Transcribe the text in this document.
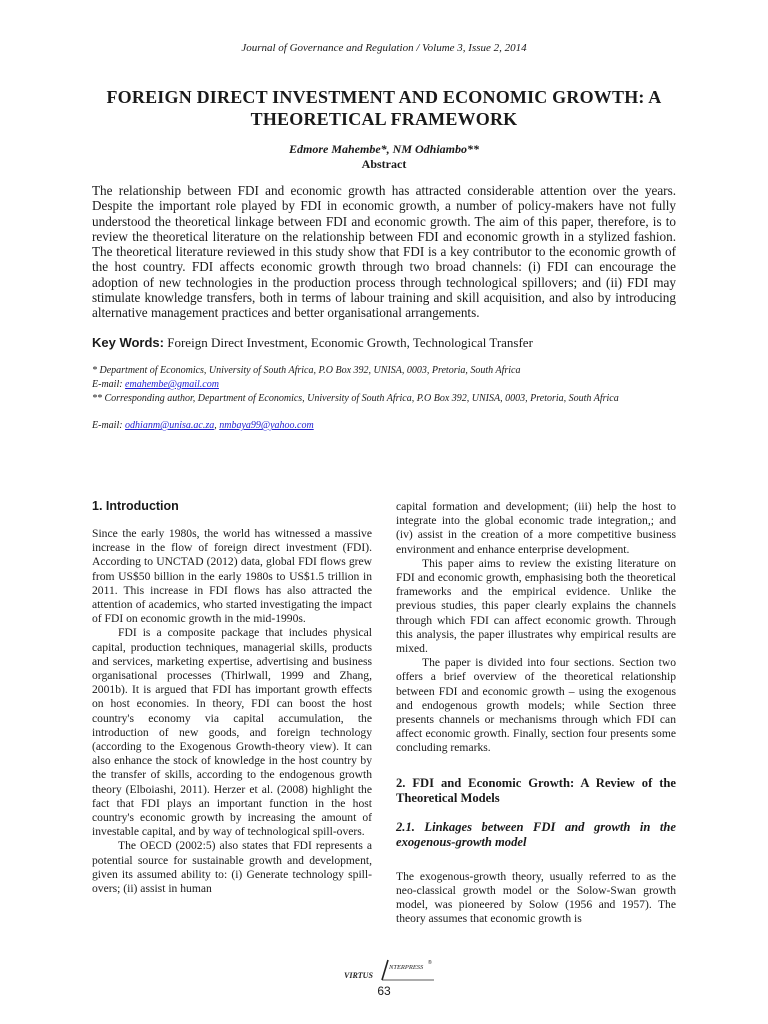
Journal of Governance and Regulation / Volume 3, Issue 2, 2014
FOREIGN DIRECT INVESTMENT AND ECONOMIC GROWTH: A THEORETICAL FRAMEWORK
Edmore Mahembe*, NM Odhiambo**
Abstract
The relationship between FDI and economic growth has attracted considerable attention over the years. Despite the important role played by FDI in economic growth, a number of policy-makers have not fully understood the theoretical linkage between FDI and economic growth. The aim of this paper, therefore, is to review the theoretical literature on the relationship between FDI and economic growth in a stylized fashion. The theoretical literature reviewed in this study show that FDI is a key contributor to the economic growth of the host country. FDI affects economic growth through two broad channels: (i) FDI can encourage the adoption of new technologies in the production process through technological spillovers; and (ii) FDI may stimulate knowledge transfers, both in terms of labour training and skill acquisition, and also by introducing alternative management practices and better organisational arrangements.
Key Words: Foreign Direct Investment, Economic Growth, Technological Transfer
* Department of Economics, University of South Africa, P.O Box 392, UNISA, 0003, Pretoria, South Africa
E-mail: emahembe@gmail.com
** Corresponding author, Department of Economics, University of South Africa, P.O Box 392, UNISA, 0003, Pretoria, South Africa
E-mail: odhianm@unisa.ac.za, nmbaya99@yahoo.com
1. Introduction

Since the early 1980s, the world has witnessed a massive increase in the flow of foreign direct investment (FDI). According to UNCTAD (2012) data, global FDI flows grew from US$50 billion in the early 1980s to US$1.5 trillion in 2011. This increase in FDI flows has also attracted the attention of academics, who started investigating the impact of FDI on economic growth in the mid-1990s.

FDI is a composite package that includes physical capital, production techniques, managerial skills, products and services, marketing expertise, advertising and business organisational processes (Thirlwall, 1999 and Zhang, 2001b). It is argued that FDI has important growth effects on host economies. In theory, FDI can boost the host country's economy via capital accumulation, the introduction of new goods, and foreign technology (according to the Exogenous Growth-theory view). It can also enhance the stock of knowledge in the host country by the transfer of skills, according to the endogenous growth theory (Elboiashi, 2011). Herzer et al. (2008) highlight the fact that FDI plays an important function in the host country's economic growth by increasing the amount of investable capital, and by way of technological spill-overs.

The OECD (2002:5) also states that FDI represents a potential source for sustainable growth and development, given its assumed ability to: (i) Generate technology spill-overs; (ii) assist in human

capital formation and development; (iii) help the host to integrate into the global economic trade integration,; and (iv) assist in the creation of a more competitive business environment and enhance enterprise development.

This paper aims to review the existing literature on FDI and economic growth, emphasising both the theoretical frameworks and the empirical evidence. Unlike the previous studies, this paper clearly explains the channels through which FDI can affect economic growth. Through this analysis, the paper illustrates why empirical results are mixed.

The paper is divided into four sections. Section two offers a brief overview of the theoretical relationship between FDI and economic growth – using the exogenous and endogenous growth models; while Section three presents channels or mechanisms through which FDI can affect economic growth. Finally, section four presents some concluding remarks.

2. FDI and Economic Growth: A Review of the Theoretical Models
2.1. Linkages between FDI and growth in the exogenous-growth model

The exogenous-growth theory, usually referred to as the neo-classical growth model or the Solow-Swan growth model, was pioneered by Solow (1956 and 1957). The theory assumes that economic growth is

VIRTUS
NTERPRESS
®
63
